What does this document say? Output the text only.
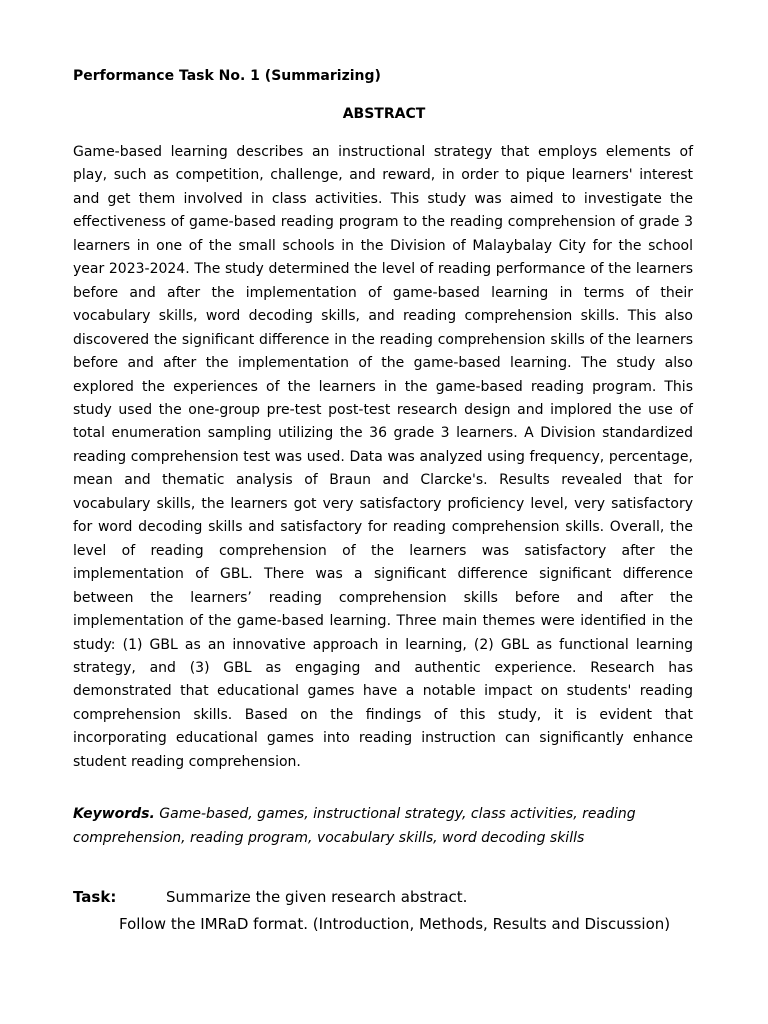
Performance Task No. 1 (Summarizing)

ABSTRACT

Game-based learning describes an instructional strategy that employs elements of play, such as competition, challenge, and reward, in order to pique learners' interest and get them involved in class activities. This study was aimed to investigate the effectiveness of game-based reading program to the reading comprehension of grade 3 learners in one of the small schools in the Division of Malaybalay City for the school year 2023-2024. The study determined the level of reading performance of the learners before and after the implementation of game-based learning in terms of their vocabulary skills, word decoding skills, and reading comprehension skills. This also discovered the significant difference in the reading comprehension skills of the learners before and after the implementation of the game-based learning. The study also explored the experiences of the learners in the game-based reading program. This study used the one-group pre-test post-test research design and implored the use of total enumeration sampling utilizing the 36 grade 3 learners. A Division standardized reading comprehension test was used. Data was analyzed using frequency, percentage, mean and thematic analysis of Braun and Clarcke's. Results revealed that for vocabulary skills, the learners got very satisfactory proficiency level, very satisfactory for word decoding skills and satisfactory for reading comprehension skills. Overall, the level of reading comprehension of the learners was satisfactory after the implementation of GBL. There was a significant difference significant difference between the learners’ reading comprehension skills before and after the implementation of the game-based learning. Three main themes were identified in the study: (1) GBL as an innovative approach in learning, (2) GBL as functional learning strategy, and (3) GBL as engaging and authentic experience. Research has demonstrated that educational games have a notable impact on students' reading comprehension skills. Based on the findings of this study, it is evident that incorporating educational games into reading instruction can significantly enhance student reading comprehension.

Keywords. Game-based, games, instructional strategy, class activities, reading comprehension, reading program, vocabulary skills, word decoding skills

Task:	Summarize the given research abstract.

Follow the IMRaD format. (Introduction, Methods, Results and Discussion)
